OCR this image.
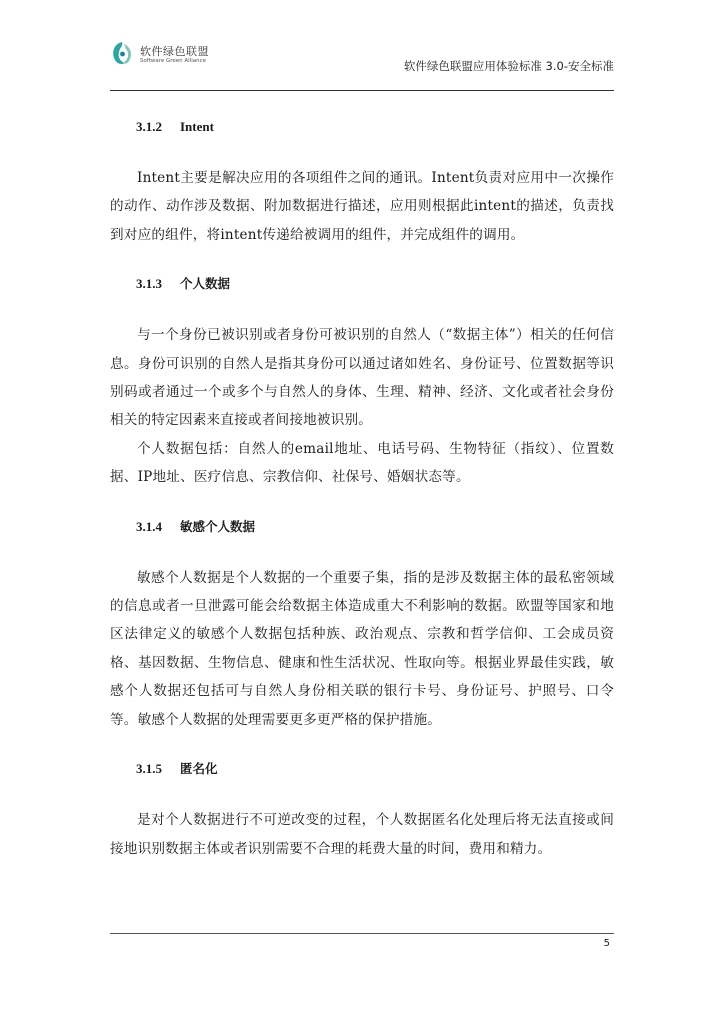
软件绿色联盟
Software Green Alliance	软件绿色联盟应用体验标准 3.0-安全标准
3.1.2 Intent

Intent主要是解决应用的各项组件之间的通讯。Intent负责对应用中一次操作的动作、动作涉及数据、附加数据进行描述，应用则根据此intent的描述，负责找到对应的组件，将intent传递给被调用的组件，并完成组件的调用。

3.1.3 个人数据

与一个身份已被识别或者身份可被识别的自然人（“数据主体”）相关的任何信息。身份可识别的自然人是指其身份可以通过诸如姓名、身份证号、位置数据等识别码或者通过一个或多个与自然人的身体、生理、精神、经济、文化或者社会身份相关的特定因素来直接或者间接地被识别。

个人数据包括：自然人的email地址、电话号码、生物特征（指纹）、位置数据、IP地址、医疗信息、宗教信仰、社保号、婚姻状态等。

3.1.4 敏感个人数据

敏感个人数据是个人数据的一个重要子集，指的是涉及数据主体的最私密领域的信息或者一旦泄露可能会给数据主体造成重大不利影响的数据。欧盟等国家和地区法律定义的敏感个人数据包括种族、政治观点、宗教和哲学信仰、工会成员资格、基因数据、生物信息、健康和性生活状况、性取向等。根据业界最佳实践，敏感个人数据还包括可与自然人身份相关联的银行卡号、身份证号、护照号、口令等。敏感个人数据的处理需要更多更严格的保护措施。

3.1.5 匿名化

是对个人数据进行不可逆改变的过程，个人数据匿名化处理后将无法直接或间接地识别数据主体或者识别需要不合理的耗费大量的时间，费用和精力。

5
